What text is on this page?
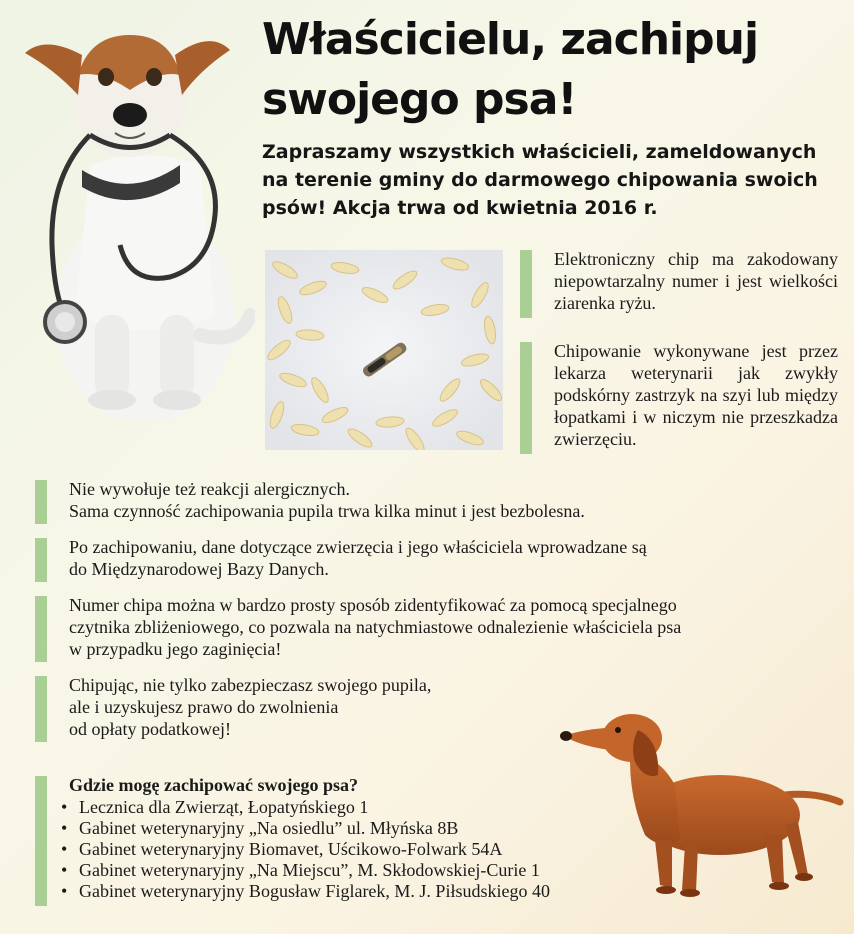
Właścicielu, zachipuj
swojego psa!

Zapraszamy wszystkich właścicieli, zameldowanych na terenie gminy do darmowego chipowania swoich psów! Akcja trwa od kwietnia 2016 r.

Elektroniczny chip ma zakodowany niepowtarzalny numer i jest wielkości ziarenka ryżu.
Chipowanie wykonywane jest przez lekarza weterynarii jak zwykły podskórny zastrzyk na szyi lub między łopatkami i w niczym nie przeszkadza zwierzęciu.
Nie wywołuje też reakcji alergicznych.
Sama czynność zachipowania pupila trwa kilka minut i jest bezbolesna.
Po zachipowaniu, dane dotyczące zwierzęcia i jego właściciela wprowadzane są
do Międzynarodowej Bazy Danych.
Numer chipa można w bardzo prosty sposób zidentyfikować za pomocą specjalnego
czytnika zbliżeniowego, co pozwala na natychmiastowe odnalezienie właściciela psa
w przypadku jego zaginięcia!
Chipując, nie tylko zabezpieczasz swojego pupila,
ale i uzyskujesz prawo do zwolnienia
od opłaty podatkowej!

Gdzie mogę zachipować swojego psa?

• Lecznica dla Zwierząt, Łopatyńskiego 1
• Gabinet weterynaryjny „Na osiedlu” ul. Młyńska 8B
• Gabinet weterynaryjny Biomavet, Uścikowo-Folwark 54A
• Gabinet weterynaryjny „Na Miejscu”, M. Skłodowskiej-Curie 1
• Gabinet weterynaryjny Bogusław Figlarek, M. J. Piłsudskiego 40
